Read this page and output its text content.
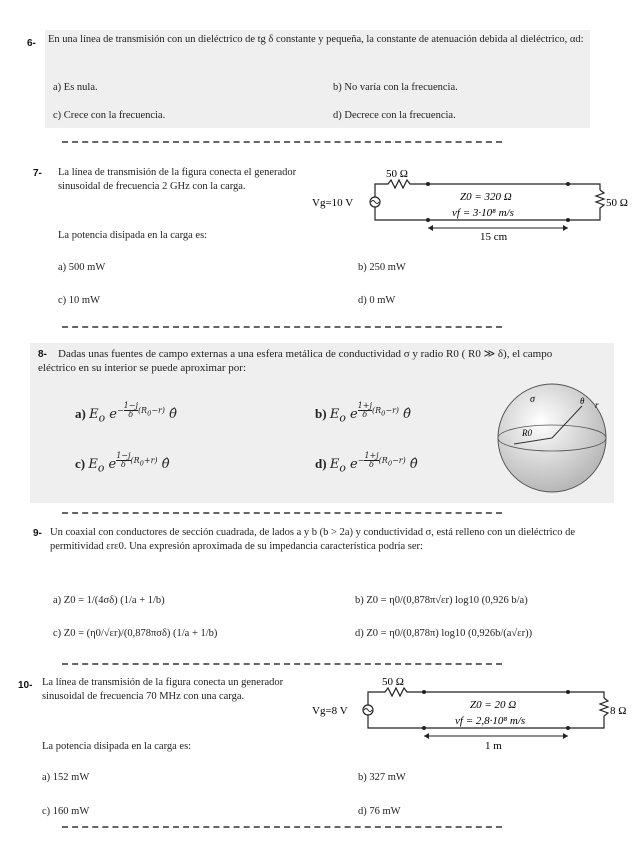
6- En una línea de transmisión con un dieléctrico de tg δ constante y pequeña, la constante de atenuación debida al dieléctrico, αd:
a) Es nula.	b) No varía con la frecuencia.
c) Crece con la frecuencia.	d) Decrece con la frecuencia.
7- La línea de transmisión de la figura conecta el generador sinusoidal de frecuencia 2 GHz con la carga.
La potencia disipada en la carga es:
50 Ω
Vg=10 V	Z0 = 320 Ω
vf = 3·10⁸ m/s
50 Ω
15 cm
a) 500 mW	b) 250 mW
c) 10 mW	d) 0 mW
8-	Dadas unas fuentes de campo externas a una esfera metálica de conductividad σ y radio R0 ( R0 ≫ δ), el campo eléctrico en su interior se puede aproximar por:
a) $E_o$ $e^{- \frac{1-j}{\delta} (R_0-r)}$ θ̂	b) $E_o$ e $^{\frac{1+j}{\delta} (R_0-r)}$ θ̂
c) $E_o$ e $^{\frac{1-j}{\delta} (R_0+r)}$ θ̂	d) $E_o$ $e^{- \frac{1+j}{\delta} (R_0-r)}$ θ̂
σ	θ r
R0
9- Un coaxial con conductores de sección cuadrada, de lados a y b (b > 2a) y conductividad σ, está relleno con un dieléctrico de permitividad εrε0. Una expresión aproximada de su impedancia característica podría ser:
a) Z0 = 1/(4σδ) (1/a + 1/b)	b) Z0 = η0/(0,878π√εr) log10 (0,926 b/a)
c) Z0 = (η0/√εr)/(0,878πσδ) (1/a + 1/b)	d) Z0 = η0/(0,878π) log10 (0,926b/(a√εr))
10- La línea de transmisión de la figura conecta un generador sinusoidal de frecuencia 70 MHz con una carga.
La potencia disipada en la carga es:
50 Ω
Vg=8 V	Z0 = 20 Ω
vf = 2,8·10⁸ m/s
8 Ω
1 m
a) 152 mW	b) 327 mW
c) 160 mW	d) 76 mW
